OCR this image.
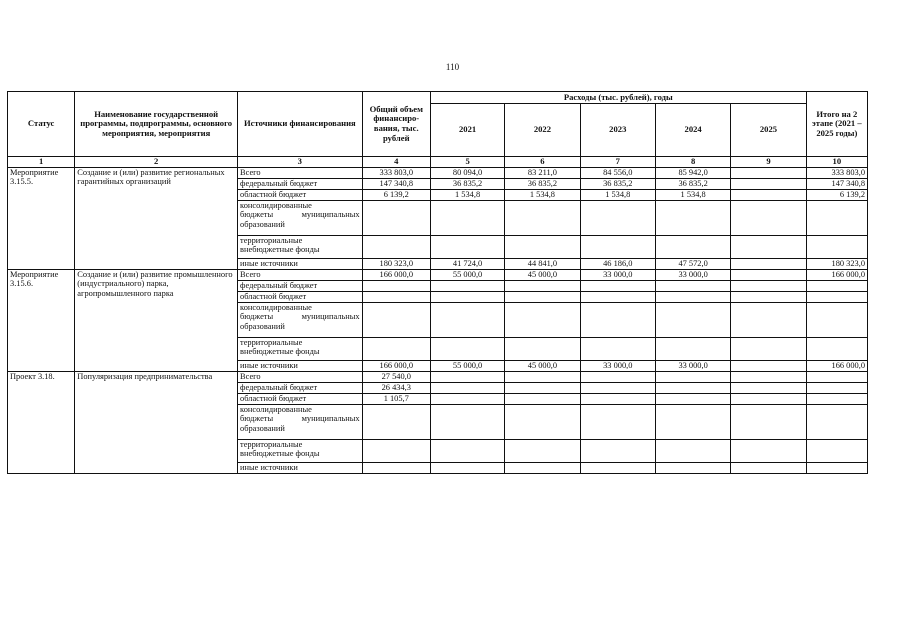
110
Статус	Наименование государственной программы, подпрограммы, основного мероприятия, мероприятия	Источники финансирования	Общий объем финансиро-вания, тыс. рублей	Расходы (тыс. рублей), годы					Итого на 2 этапе (2021 – 2025 годы)
				2021	2022	2023	2024	2025	
1	2	3	4	5	6	7	8	9	10
Мероприятие 3.15.5.	Создание и (или) развитие региональных гарантийных организаций	Всего	333 803,0	80 094,0	83 211,0	84 556,0	85 942,0		333 803,0
		федеральный бюджет	147 340,8	36 835,2	36 835,2	36 835,2	36 835,2		147 340,8
		областной бюджет	6 139,2	1 534,8	1 534,8	1 534,8	1 534,8		6 139,2

		консолидированные
бюджеты муниципальных
образований							

		территориальные
внебюджетные фонды							

		иные источники	180 323,0	41 724,0	44 841,0	46 186,0	47 572,0		180 323,0
Мероприятие 3.15.6.	Создание и (или) развитие промышленного (индустриального) парка, агропромышленного парка	Всего	166 000,0	55 000,0	45 000,0	33 000,0	33 000,0		166 000,0
		федеральный бюджет							
		областной бюджет							

		консолидированные
бюджеты муниципальных
образований							

		территориальные
внебюджетные фонды							

		иные источники	166 000,0	55 000,0	45 000,0	33 000,0	33 000,0		166 000,0
Проект 3.18.	Популяризация предпринимательства	Всего	27 540,0						
		федеральный бюджет	26 434,3						
		областной бюджет	1 105,7						

		консолидированные
бюджеты муниципальных
образований							

		территориальные
внебюджетные фонды							

		иные источники							
